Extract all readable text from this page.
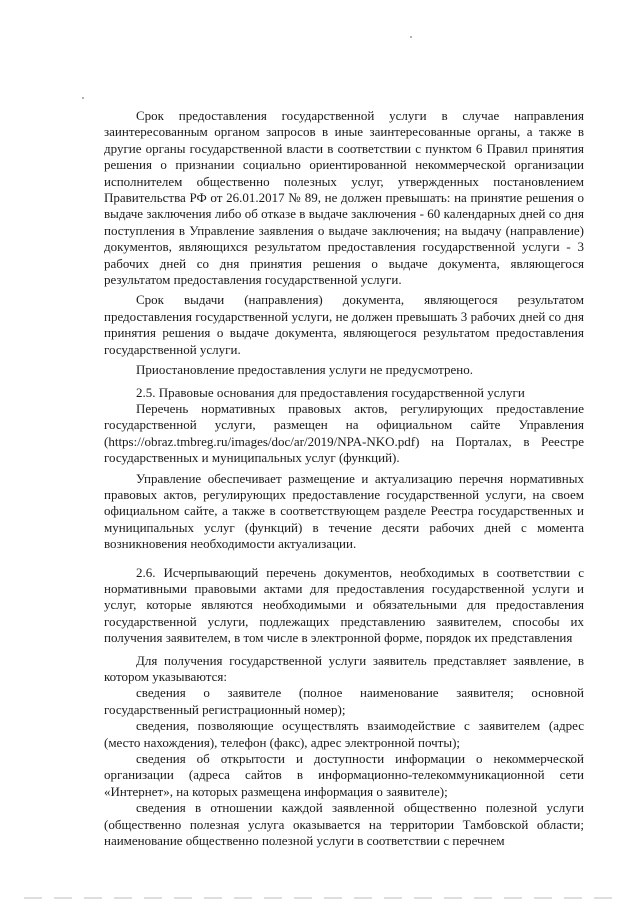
Срок предоставления государственной услуги в случае направления заинтересованным органом запросов в иные заинтересованные органы, а также в другие органы государственной власти в соответствии с пунктом 6 Правил принятия решения о признании социально ориентированной некоммерческой организации исполнителем общественно полезных услуг, утвержденных постановлением Правительства РФ от 26.01.2017 № 89, не должен превышать: на принятие решения о выдаче заключения либо об отказе в выдаче заключения - 60 календарных дней со дня поступления в Управление заявления о выдаче заключения; на выдачу (направление) документов, являющихся результатом предоставления государственной услуги - 3 рабочих дней со дня принятия решения о выдаче документа, являющегося результатом предоставления государственной услуги.

Срок выдачи (направления) документа, являющегося результатом предоставления государственной услуги, не должен превышать 3 рабочих дней со дня принятия решения о выдаче документа, являющегося результатом предоставления государственной услуги.

Приостановление предоставления услуги не предусмотрено.

2.5. Правовые основания для предоставления государственной услуги

Перечень нормативных правовых актов, регулирующих предоставление государственной услуги, размещен на официальном сайте Управления (https://obraz.tmbreg.ru/images/doc/ar/2019/NPA-NKO.pdf) на Порталах, в Реестре государственных и муниципальных услуг (функций).

Управление обеспечивает размещение и актуализацию перечня нормативных правовых актов, регулирующих предоставление государственной услуги, на своем официальном сайте, а также в соответствующем разделе Реестра государственных и муниципальных услуг (функций) в течение десяти рабочих дней с момента возникновения необходимости актуализации.

2.6. Исчерпывающий перечень документов, необходимых в соответствии с нормативными правовыми актами для предоставления государственной услуги и услуг, которые являются необходимыми и обязательными для предоставления государственной услуги, подлежащих представлению заявителем, способы их получения заявителем, в том числе в электронной форме, порядок их представления

Для получения государственной услуги заявитель представляет заявление, в котором указываются:

сведения о заявителе (полное наименование заявителя; основной государственный регистрационный номер);

сведения, позволяющие осуществлять взаимодействие с заявителем (адрес (место нахождения), телефон (факс), адрес электронной почты);

сведения об открытости и доступности информации о некоммерческой организации (адреса сайтов в информационно-телекоммуникационной сети «Интернет», на которых размещена информация о заявителе);

сведения в отношении каждой заявленной общественно полезной услуги (общественно полезная услуга оказывается на территории Тамбовской области; наименование общественно полезной услуги в соответствии с перечнем
